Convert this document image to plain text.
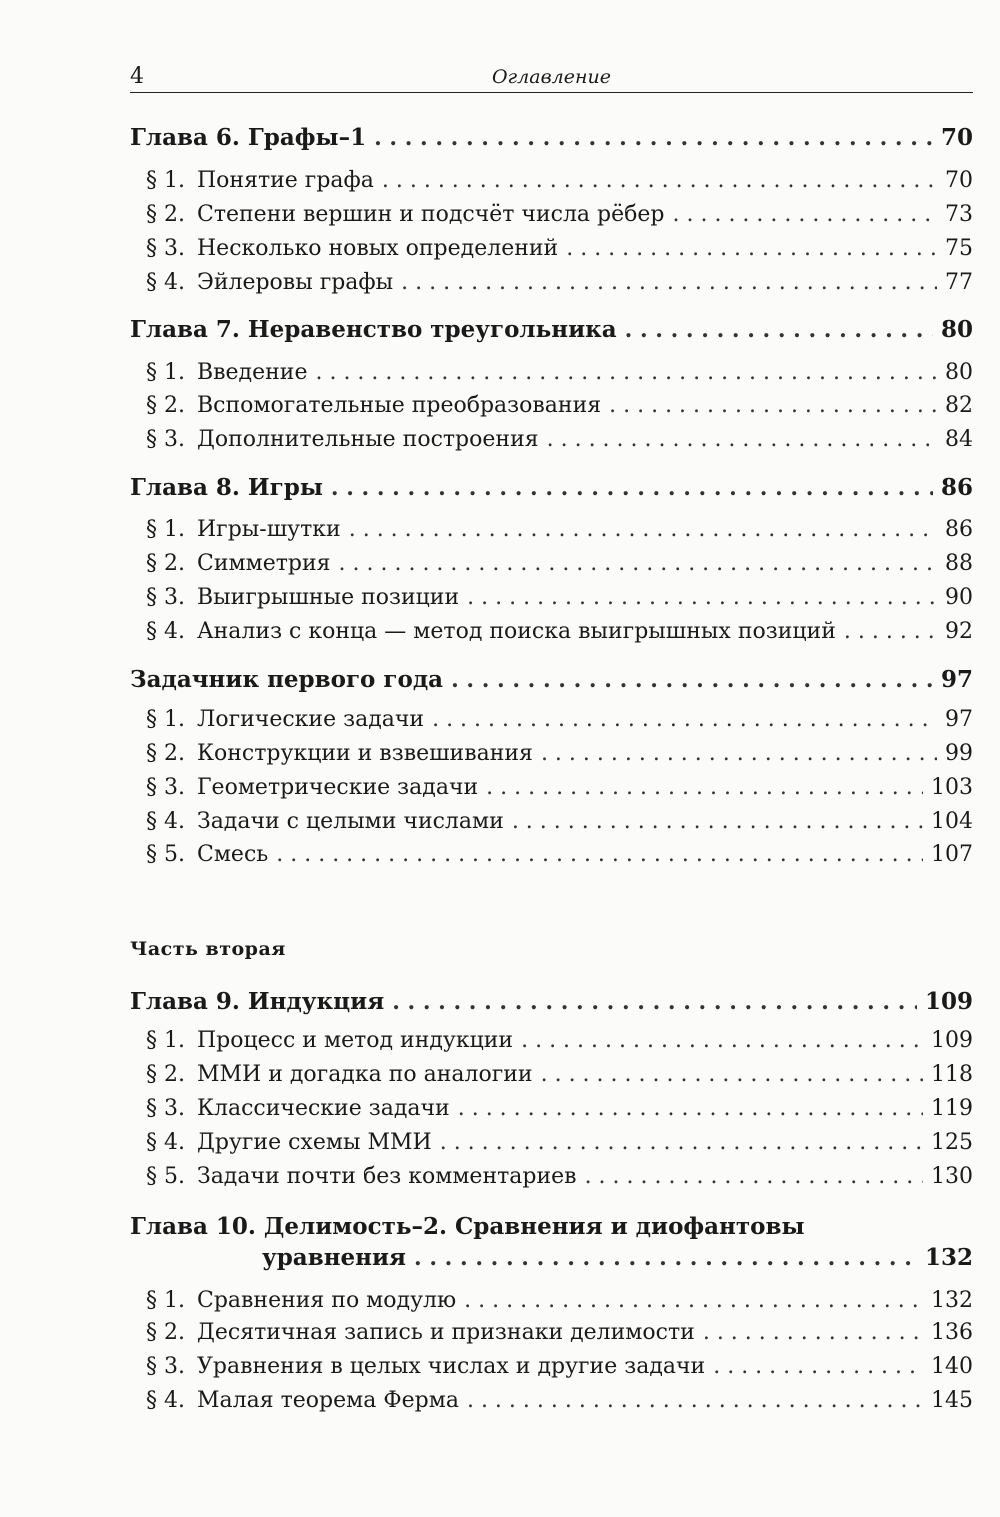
4	Оглавление
Глава 6. Графы–1 . . .	70
§ 1. Понятие графа . . .	70
§ 2. Степени вершин и подсчёт числа рёбер . . .	73
§ 3. Несколько новых определений . . .	75
§ 4. Эйлеровы графы . . .	77
Глава 7. Неравенство треугольника . . .	80
§ 1. Введение . . .	80
§ 2. Вспомогательные преобразования . . .	82
§ 3. Дополнительные построения . . .	84
Глава 8. Игры . . .	86
§ 1. Игры-шутки . . .	86
§ 2. Симметрия . . .	88
§ 3. Выигрышные позиции . . .	90
§ 4. Анализ с конца — метод поиска выигрышных позиций . . .	92
Задачник первого года . . .	97
§ 1. Логические задачи . . .	97
§ 2. Конструкции и взвешивания . . .	99
§ 3. Геометрические задачи . . .	103
§ 4. Задачи с целыми числами . . .	104
§ 5. Смесь . . .	107
Часть вторая
Глава 9. Индукция . . .	109
§ 1. Процесс и метод индукции . . .	109
§ 2. ММИ и догадка по аналогии . . .	118
§ 3. Классические задачи . . .	119
§ 4. Другие схемы ММИ . . .	125
§ 5. Задачи почти без комментариев . . .	130
Глава 10. Делимость–2. Сравнения и диофантовы
уравнения . . .	132
§ 1. Сравнения по модулю . . .	132
§ 2. Десятичная запись и признаки делимости . . .	136
§ 3. Уравнения в целых числах и другие задачи . . .	140
§ 4. Малая теорема Ферма . . .	145
